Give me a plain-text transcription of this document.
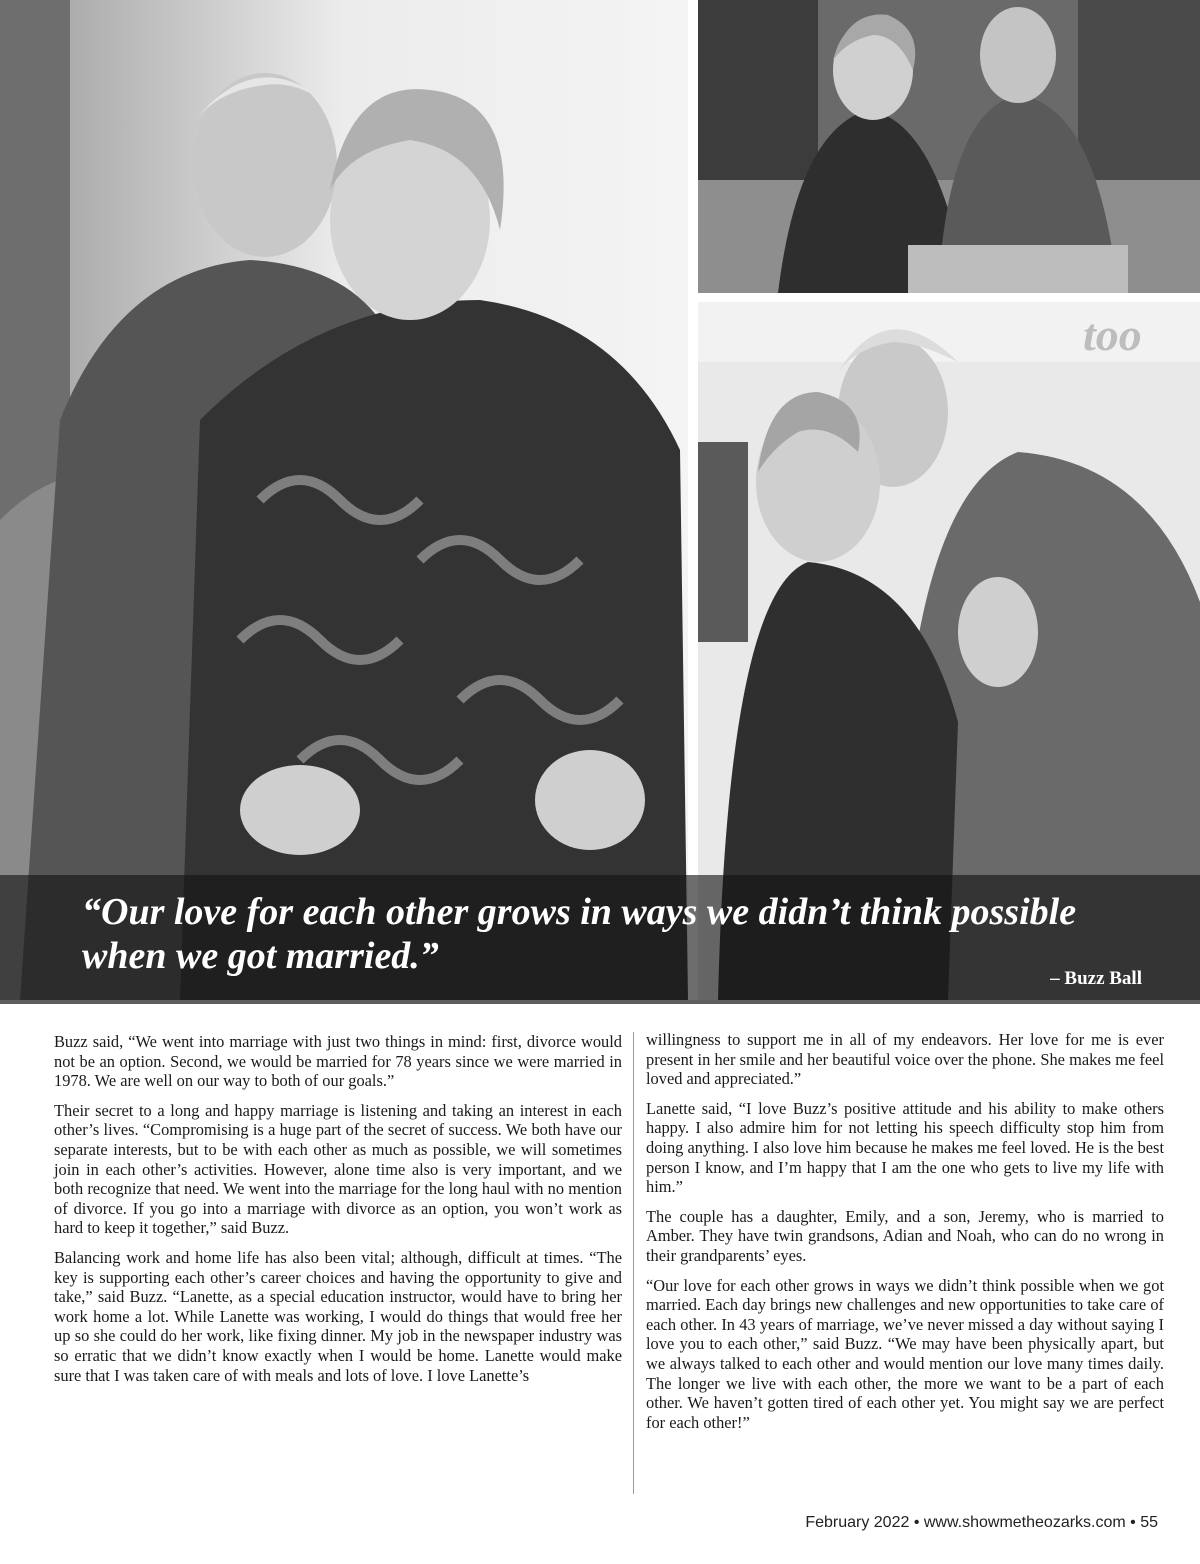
too

“Our love for each other grows in ways we didn’t think possible when we got married.”

– Buzz Ball

Buzz said, “We went into marriage with just two things in mind: first, divorce would not be an option. Second, we would be married for 78 years since we were married in 1978. We are well on our way to both of our goals.”

Their secret to a long and happy marriage is listening and taking an interest in each other’s lives. “Compromising is a huge part of the secret of success. We both have our separate interests, but to be with each other as much as possible, we will sometimes join in each other’s activities. However, alone time also is very important, and we both recognize that need. We went into the marriage for the long haul with no mention of divorce. If you go into a marriage with divorce as an option, you won’t work as hard to keep it together,” said Buzz.

Balancing work and home life has also been vital; although, difficult at times. “The key is supporting each other’s career choices and having the opportunity to give and take,” said Buzz. “Lanette, as a special education instructor, would have to bring her work home a lot. While Lanette was working, I would do things that would free her up so she could do her work, like fixing dinner. My job in the newspaper industry was so erratic that we didn’t know exactly when I would be home. Lanette would make sure that I was taken care of with meals and lots of love. I love Lanette’s

willingness to support me in all of my endeavors. Her love for me is ever present in her smile and her beautiful voice over the phone. She makes me feel loved and appreciated.”

Lanette said, “I love Buzz’s positive attitude and his ability to make others happy. I also admire him for not letting his speech difficulty stop him from doing anything. I also love him because he makes me feel loved. He is the best person I know, and I’m happy that I am the one who gets to live my life with him.”

The couple has a daughter, Emily, and a son, Jeremy, who is married to Amber. They have twin grandsons, Adian and Noah, who can do no wrong in their grandparents’ eyes.

“Our love for each other grows in ways we didn’t think possible when we got married. Each day brings new challenges and new opportunities to take care of each other. In 43 years of marriage, we’ve never missed a day without saying I love you to each other,” said Buzz. “We may have been physically apart, but we always talked to each other and would mention our love many times daily. The longer we live with each other, the more we want to be a part of each other. We haven’t gotten tired of each other yet. You might say we are perfect for each other!”

February 2022 • www.showmetheozarks.com • 55
